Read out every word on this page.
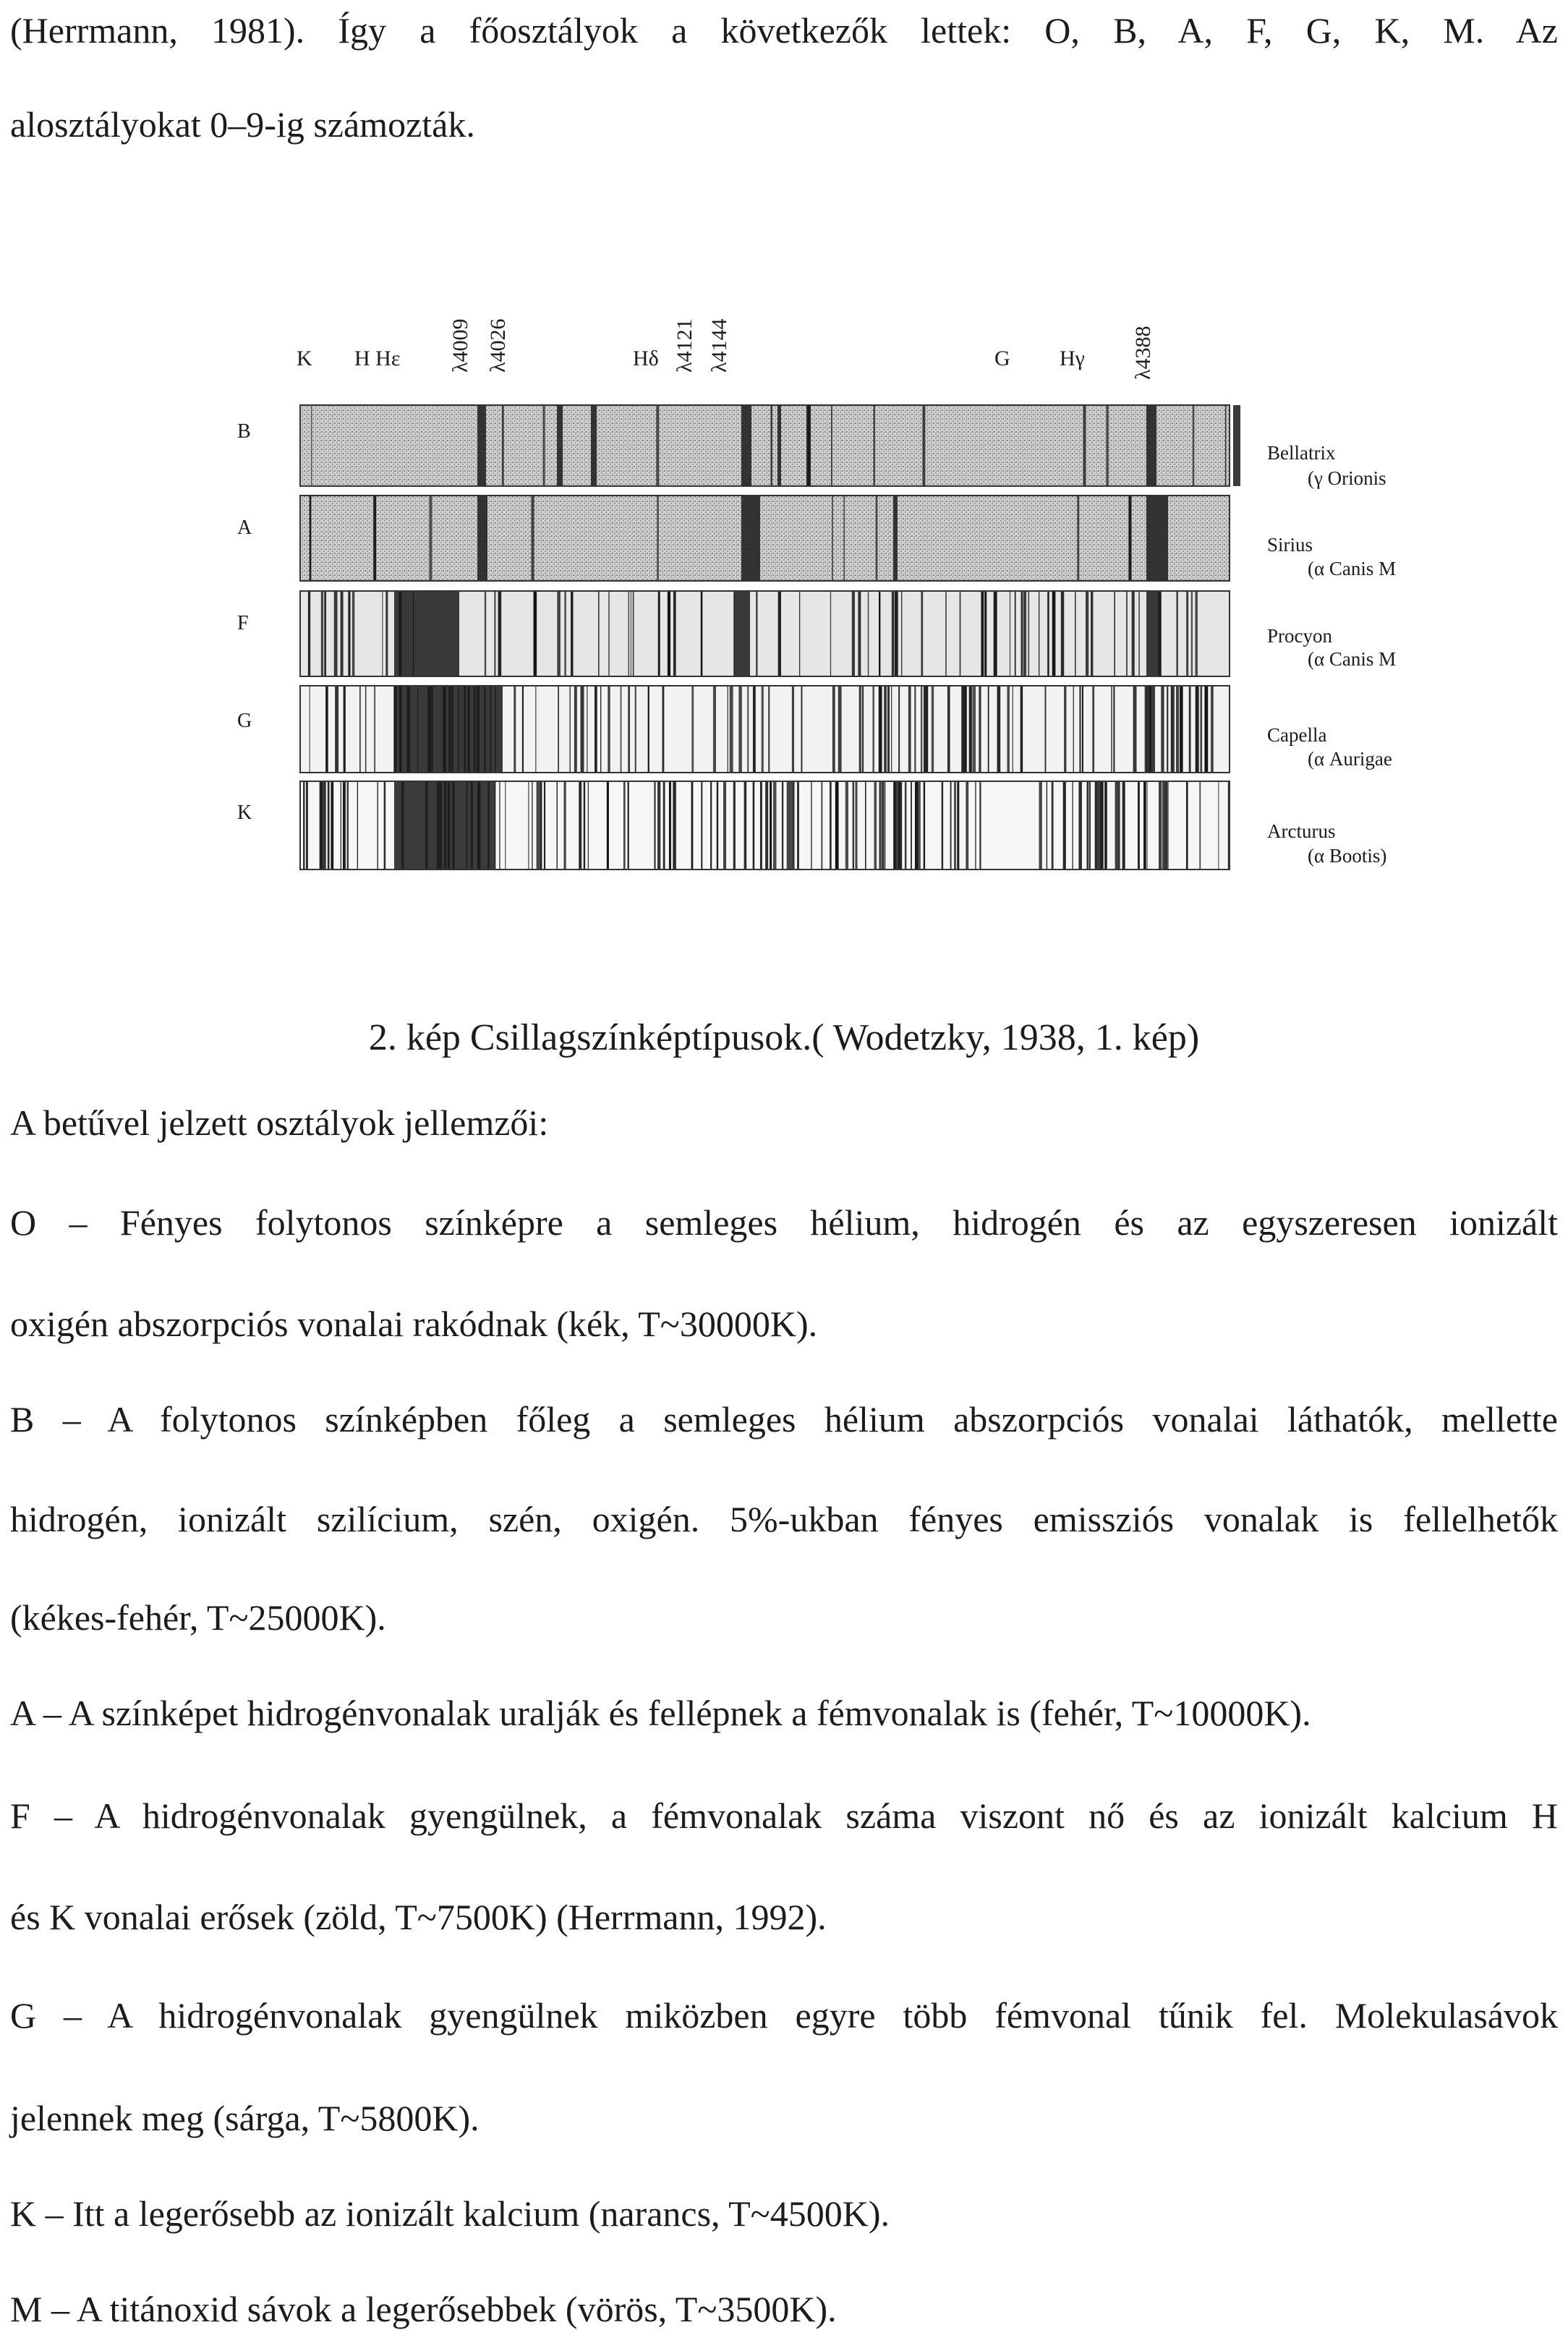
(Herrmann, 1981). Így a főosztályok a következők lettek: O, B, A, F, G, K, M. Az
alosztályokat 0–9-ig számozták.
K H Hε λ4009 λ4026	Hδ λ4121 λ4144	G Hγ λ4388
B
A
F
G
K
Bellatrix
(γ Orionis
Sirius
(α Canis M
Procyon
(α Canis M
Capella
(α Aurigae
Arcturus
(α Bootis)
2. kép Csillagszínképtípusok.( Wodetzky, 1938, 1. kép)
A betűvel jelzett osztályok jellemzői:
O – Fényes folytonos színképre a semleges hélium, hidrogén és az egyszeresen ionizált
oxigén abszorpciós vonalai rakódnak (kék, T~30000K).
B – A folytonos színképben főleg a semleges hélium abszorpciós vonalai láthatók, mellette
hidrogén, ionizált szilícium, szén, oxigén. 5%-ukban fényes emissziós vonalak is fellelhetők
(kékes-fehér, T~25000K).
A – A színképet hidrogénvonalak uralják és fellépnek a fémvonalak is (fehér, T~10000K).
F – A hidrogénvonalak gyengülnek, a fémvonalak száma viszont nő és az ionizált kalcium H
és K vonalai erősek (zöld, T~7500K) (Herrmann, 1992).
G – A hidrogénvonalak gyengülnek miközben egyre több fémvonal tűnik fel. Molekulasávok
jelennek meg (sárga, T~5800K).
K – Itt a legerősebb az ionizált kalcium (narancs, T~4500K).
M – A titánoxid sávok a legerősebbek (vörös, T~3500K).
